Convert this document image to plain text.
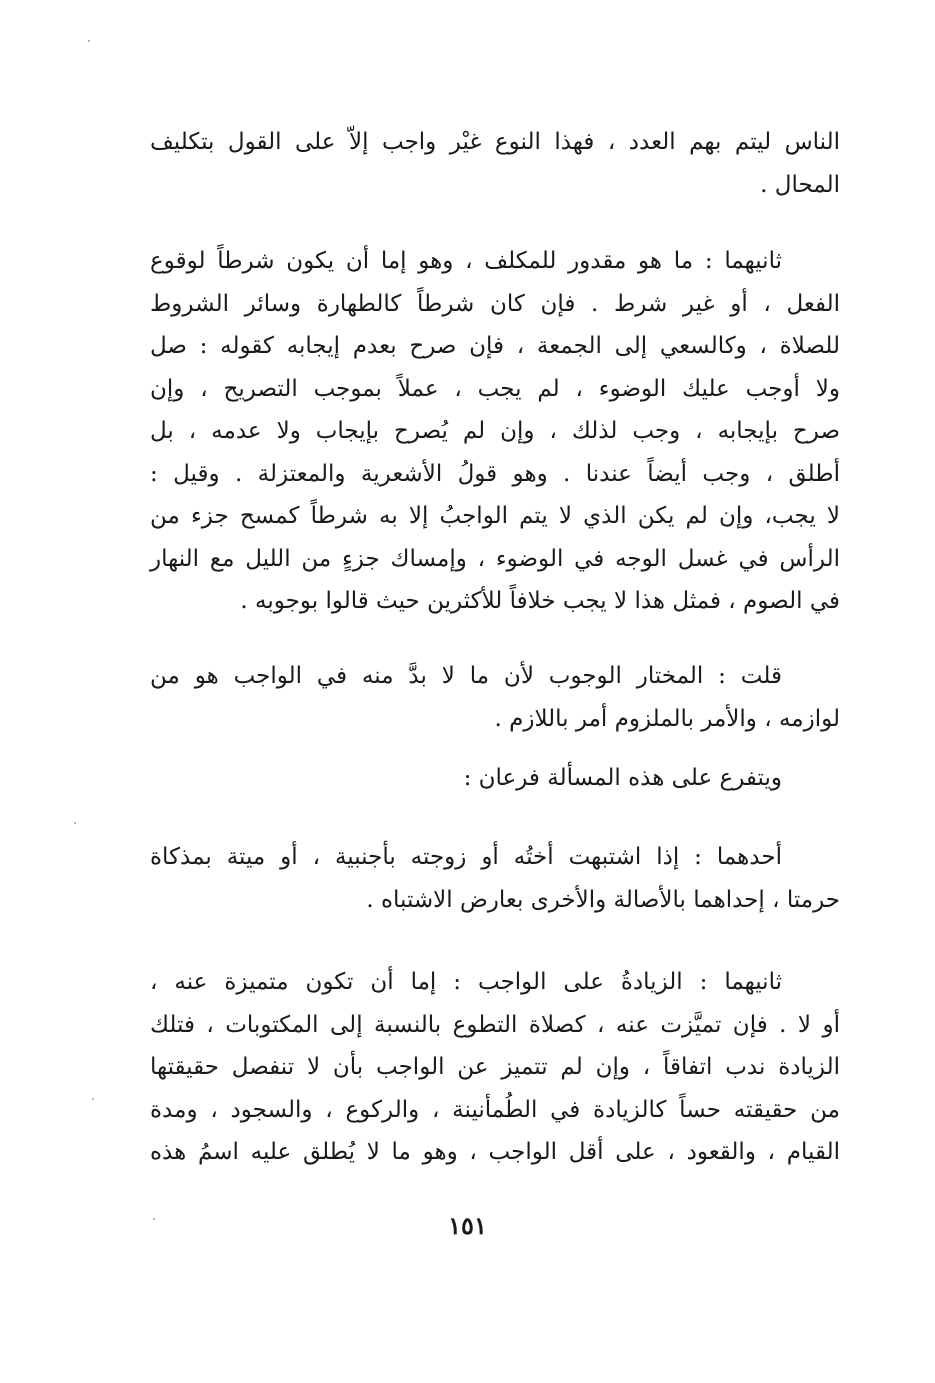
الناس ليتم بهم العدد ، فهذا النوع غيْر واجب إلاّ على القول بتكليف
المحال .
ثانيهما : ما هو مقدور للمكلف ، وهو إما أن يكون شرطاً لوقوع
الفعل ، أو غير شرط . فإن كان شرطاً كالطهارة وسائر الشروط
للصلاة ، وكالسعي إلى الجمعة ، فإن صرح بعدم إيجابه كقوله : صل
ولا أوجب عليك الوضوء ، لم يجب ، عملاً بموجب التصريح ، وإن
صرح بإيجابه ، وجب لذلك ، وإن لم يُصرح بإيجاب ولا عدمه ، بل
أطلق ، وجب أيضاً عندنا . وهو قولُ الأشعرية والمعتزلة . وقيل :
لا يجب، وإن لم يكن الذي لا يتم الواجبُ إلا به شرطاً كمسح جزء من
الرأس في غسل الوجه في الوضوء ، وإمساك جزءٍ من الليل مع النهار
في الصوم ، فمثل هذا لا يجب خلافاً للأكثرين حيث قالوا بوجوبه .
قلت : المختار الوجوب لأن ما لا بدَّ منه في الواجب هو من
لوازمه ، والأمر بالملزوم أمر باللازم .
ويتفرع على هذه المسألة فرعان :
أحدهما : إذا اشتبهت أختُه أو زوجته بأجنبية ، أو ميتة بمذكاة
حرمتا ، إحداهما بالأصالة والأخرى بعارض الاشتباه .
ثانيهما : الزيادةُ على الواجب : إما أن تكون متميزة عنه ،
أو لا . فإن تميَّزت عنه ، كصلاة التطوع بالنسبة إلى المكتوبات ، فتلك
الزيادة ندب اتفاقاً ، وإن لم تتميز عن الواجب بأن لا تنفصل حقيقتها
من حقيقته حساً كالزيادة في الطُمأنينة ، والركوع ، والسجود ، ومدة
القيام ، والقعود ، على أقل الواجب ، وهو ما لا يُطلق عليه اسمُ هذه
١٥١
